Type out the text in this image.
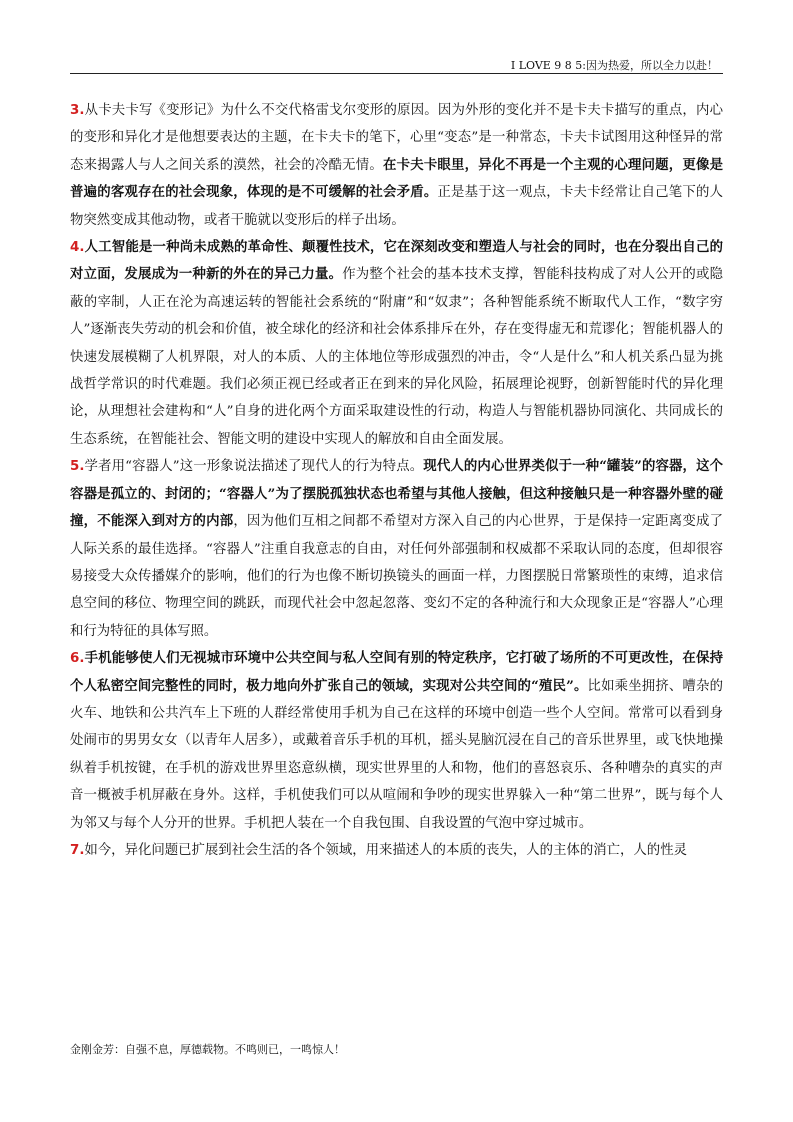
I LOVE 9 8 5:因为热爱，所以全力以赴！

3.从卡夫卡写《变形记》为什么不交代格雷戈尔变形的原因。因为外形的变化并不是卡夫卡描写的重点，内心的变形和异化才是他想要表达的主题，在卡夫卡的笔下，心里“变态”是一种常态，卡夫卡试图用这种怪异的常态来揭露人与人之间关系的漠然，社会的冷酷无情。在卡夫卡眼里，异化不再是一个主观的心理问题，更像是普遍的客观存在的社会现象，体现的是不可缓解的社会矛盾。正是基于这一观点，卡夫卡经常让自己笔下的人物突然变成其他动物，或者干脆就以变形后的样子出场。

4.人工智能是一种尚未成熟的革命性、颠覆性技术，它在深刻改变和塑造人与社会的同时，也在分裂出自己的对立面，发展成为一种新的外在的异己力量。作为整个社会的基本技术支撑，智能科技构成了对人公开的或隐蔽的宰制，人正在沦为高速运转的智能社会系统的“附庸”和“奴隶”；各种智能系统不断取代人工作，“数字穷人”逐渐丧失劳动的机会和价值，被全球化的经济和社会体系排斥在外，存在变得虚无和荒谬化；智能机器人的快速发展模糊了人机界限，对人的本质、人的主体地位等形成强烈的冲击，令“人是什么”和人机关系凸显为挑战哲学常识的时代难题。我们必须正视已经或者正在到来的异化风险，拓展理论视野，创新智能时代的异化理论，从理想社会建构和“人”自身的进化两个方面采取建设性的行动，构造人与智能机器协同演化、共同成长的生态系统，在智能社会、智能文明的建设中实现人的解放和自由全面发展。

5.学者用“容器人”这一形象说法描述了现代人的行为特点。现代人的内心世界类似于一种“罐装”的容器，这个容器是孤立的、封闭的；“容器人”为了摆脱孤独状态也希望与其他人接触，但这种接触只是一种容器外壁的碰撞，不能深入到对方的内部，因为他们互相之间都不希望对方深入自己的内心世界，于是保持一定距离变成了人际关系的最佳选择。“容器人”注重自我意志的自由，对任何外部强制和权威都不采取认同的态度，但却很容易接受大众传播媒介的影响，他们的行为也像不断切换镜头的画面一样，力图摆脱日常繁琐性的束缚，追求信息空间的移位、物理空间的跳跃，而现代社会中忽起忽落、变幻不定的各种流行和大众现象正是“容器人”心理和行为特征的具体写照。

6.手机能够使人们无视城市环境中公共空间与私人空间有别的特定秩序，它打破了场所的不可更改性，在保持个人私密空间完整性的同时，极力地向外扩张自己的领域，实现对公共空间的“殖民”。比如乘坐拥挤、嘈杂的火车、地铁和公共汽车上下班的人群经常使用手机为自己在这样的环境中创造一些个人空间。常常可以看到身处闹市的男男女女（以青年人居多），或戴着音乐手机的耳机，摇头晃脑沉浸在自己的音乐世界里，或飞快地操纵着手机按键，在手机的游戏世界里恣意纵横，现实世界里的人和物，他们的喜怒哀乐、各种嘈杂的真实的声音一概被手机屏蔽在身外。这样，手机使我们可以从喧闹和争吵的现实世界躲入一种“第二世界”，既与每个人为邻又与每个人分开的世界。手机把人装在一个自我包围、自我设置的气泡中穿过城市。

7.如今，异化问题已扩展到社会生活的各个领域，用来描述人的本质的丧失，人的主体的消亡，人的性灵

金刚金芳：自强不息，厚德载物。不鸣则已，一鸣惊人！
